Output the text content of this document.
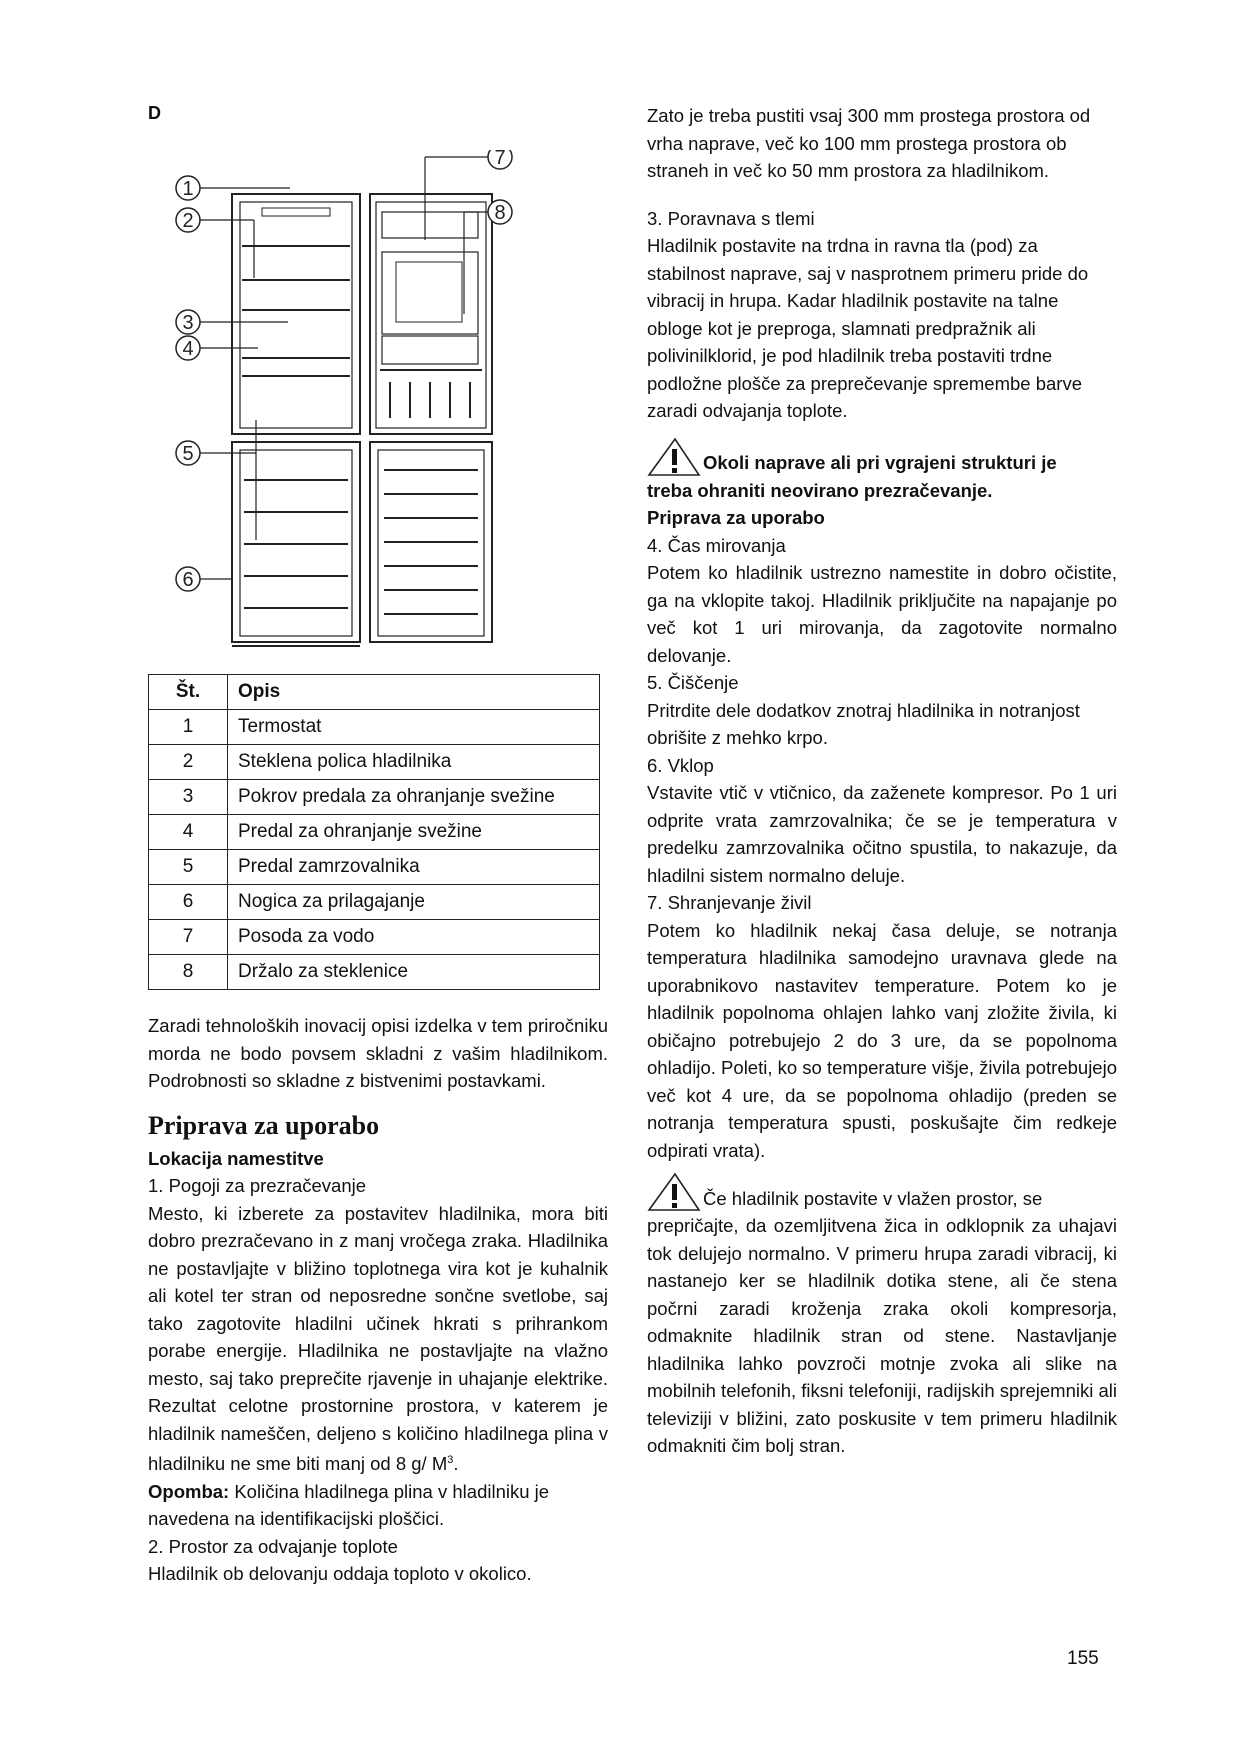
D
1
2
3
4
5
6
7
8
Št.	Opis
1	Termostat
2	Steklena polica hladilnika
3	Pokrov predala za ohranjanje svežine
4	Predal za ohranjanje svežine
5	Predal zamrzovalnika
6	Nogica za prilagajanje
7	Posoda za vodo
8	Držalo za steklenice

Zaradi tehnoloških inovacij opisi izdelka v tem priročniku morda ne bodo povsem skladni z vašim hladilnikom. Podrobnosti so skladne z bistvenimi postavkami.

Priprava za uporabo

Lokacija namestitve

1. Pogoji za prezračevanje

Mesto, ki izberete za postavitev hladilnika, mora biti dobro prezračevano in z manj vročega zraka. Hladilnika ne postavljajte v bližino toplotnega vira kot je kuhalnik ali kotel ter stran od neposredne sončne svetlobe, saj tako zagotovite hladilni učinek hkrati s prihrankom porabe energije. Hladilnika ne postavljajte na vlažno mesto, saj tako preprečite rjavenje in uhajanje elektrike. Rezultat celotne prostornine prostora, v katerem je hladilnik nameščen, deljeno s količino hladilnega plina v hladilniku ne sme biti manj od 8 g/ $M^3$.

Opomba: Količina hladilnega plina v hladilniku je navedena na identifikacijski ploščici.

2. Prostor za odvajanje toplote

Hladilnik ob delovanju oddaja toploto v okolico.

Zato je treba pustiti vsaj 300 mm prostega prostora od vrha naprave, več ko 100 mm prostega prostora ob straneh in več ko 50 mm prostora za hladilnikom.

3. Poravnava s tlemi

Hladilnik postavite na trdna in ravna tla (pod) za stabilnost naprave, saj v nasprotnem primeru pride do vibracij in hrupa. Kadar hladilnik postavite na talne obloge kot je preproga, slamnati predpražnik ali polivinilklorid, je pod hladilnik treba postaviti trdne podložne plošče za preprečevanje spremembe barve zaradi odvajanja toplote.

Okoli naprave ali pri vgrajeni strukturi je

treba ohraniti neovirano prezračevanje.

Priprava za uporabo

4. Čas mirovanja

Potem ko hladilnik ustrezno namestite in dobro očistite, ga na vklopite takoj. Hladilnik priključite na napajanje po več kot 1 uri mirovanja, da zagotovite normalno delovanje.

5. Čiščenje

Pritrdite dele dodatkov znotraj hladilnika in notranjost obrišite z mehko krpo.

6. Vklop

Vstavite vtič v vtičnico, da zaženete kompresor. Po 1 uri odprite vrata zamrzovalnika; če se je temperatura v predelku zamrzovalnika očitno spustila, to nakazuje, da hladilni sistem normalno deluje.

7. Shranjevanje živil

Potem ko hladilnik nekaj časa deluje, se notranja temperatura hladilnika samodejno uravnava glede na uporabnikovo nastavitev temperature. Potem ko je hladilnik popolnoma ohlajen lahko vanj zložite živila, ki običajno potrebujejo 2 do 3 ure, da se popolnoma ohladijo. Poleti, ko so temperature višje, živila potrebujejo več kot 4 ure, da se popolnoma ohladijo (preden se notranja temperatura spusti, poskušajte čim redkeje odpirati vrata).

Če hladilnik postavite v vlažen prostor, se

prepričajte, da ozemljitvena žica in odklopnik za uhajavi tok delujejo normalno. V primeru hrupa zaradi vibracij, ki nastanejo ker se hladilnik dotika stene, ali če stena počrni zaradi kroženja zraka okoli kompresorja, odmaknite hladilnik stran od stene. Nastavljanje hladilnika lahko povzroči motnje zvoka ali slike na mobilnih telefonih, fiksni telefoniji, radijskih sprejemniki ali televiziji v bližini, zato poskusite v tem primeru hladilnik odmakniti čim bolj stran.

155
